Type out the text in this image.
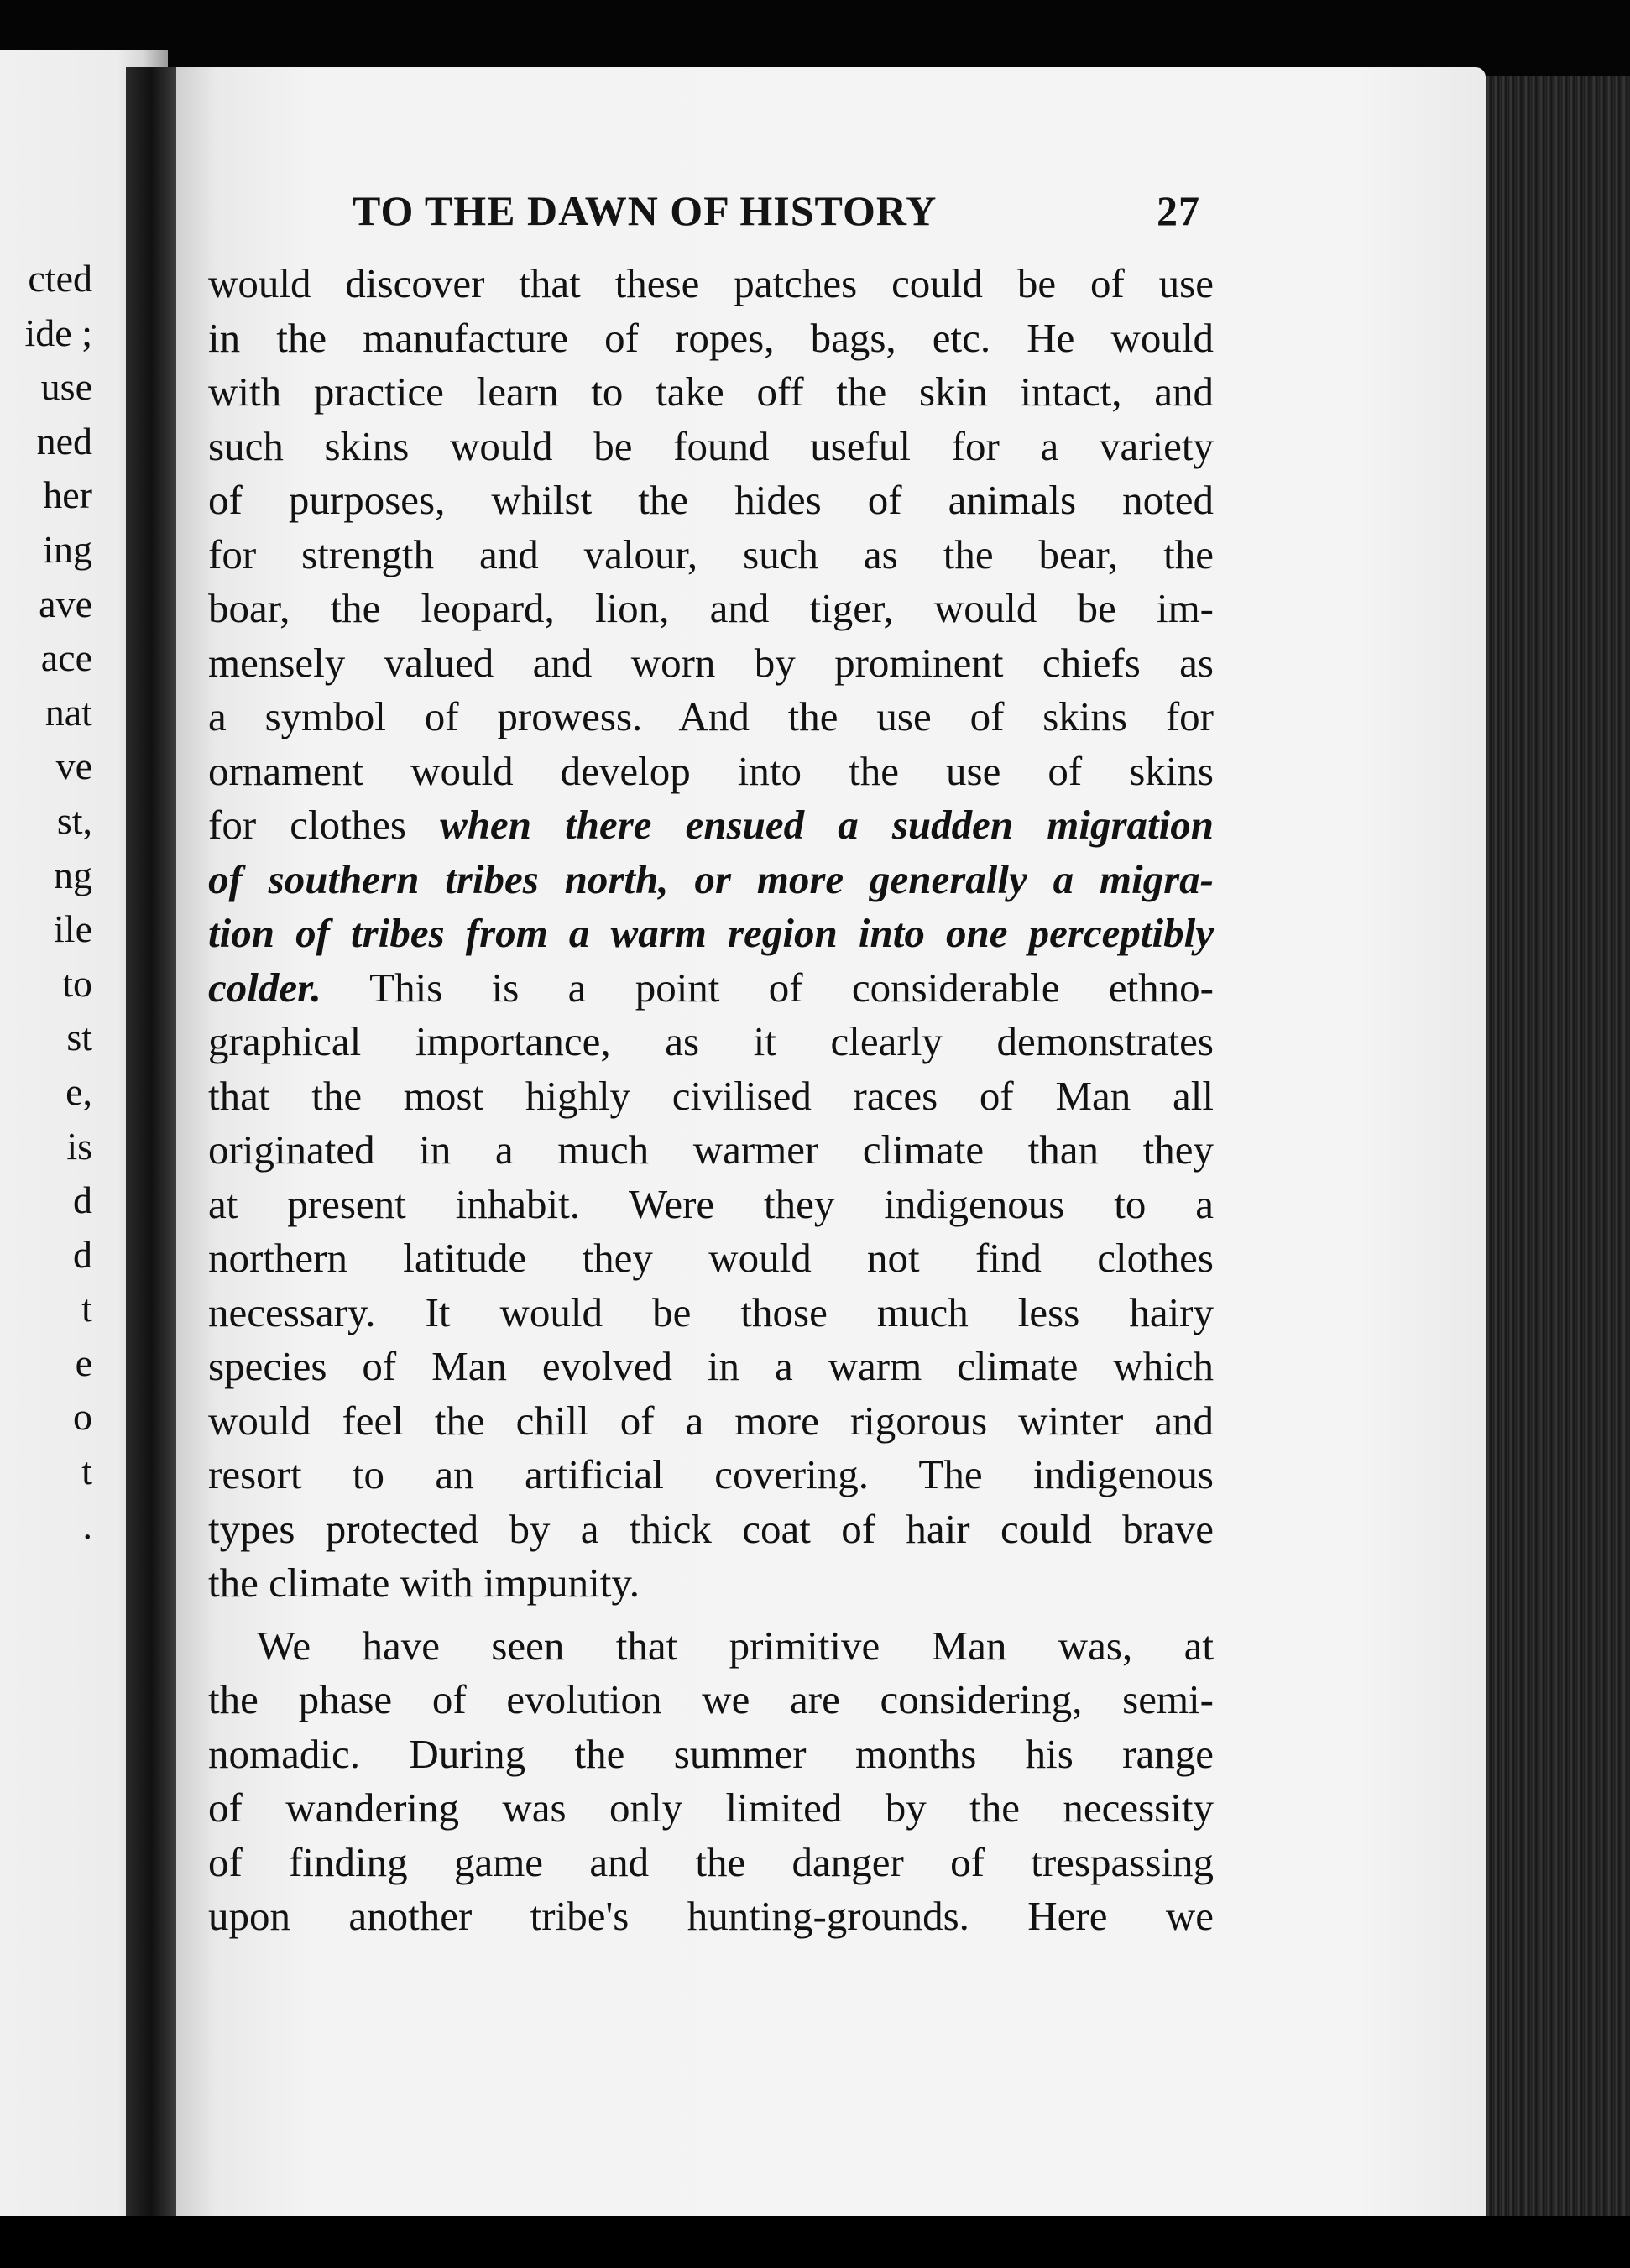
cted
ide ;
use
ned
her
ing
ave
ace
nat
ve
st,
ng
ile
to
st
e,
is
d
d
t
e
o
t
.
TO THE DAWN OF HISTORY	27
would discover that these patches could be of use
in the manufacture of ropes, bags, etc. He would
with practice learn to take off the skin intact, and
such skins would be found useful for a variety
of purposes, whilst the hides of animals noted
for strength and valour, such as the bear, the
boar, the leopard, lion, and tiger, would be im-
mensely valued and worn by prominent chiefs as
a symbol of prowess. And the use of skins for
ornament would develop into the use of skins
for clothes when there ensued a sudden migration
of southern tribes north, or more generally a migra-
tion of tribes from a warm region into one perceptibly
colder. This is a point of considerable ethno-
graphical importance, as it clearly demonstrates
that the most highly civilised races of Man all
originated in a much warmer climate than they
at present inhabit. Were they indigenous to a
northern latitude they would not find clothes
necessary. It would be those much less hairy
species of Man evolved in a warm climate which
would feel the chill of a more rigorous winter and
resort to an artificial covering. The indigenous
types protected by a thick coat of hair could brave
the climate with impunity.
We have seen that primitive Man was, at
the phase of evolution we are considering, semi-
nomadic. During the summer months his range
of wandering was only limited by the necessity
of finding game and the danger of trespassing
upon another tribe's hunting-grounds. Here we
